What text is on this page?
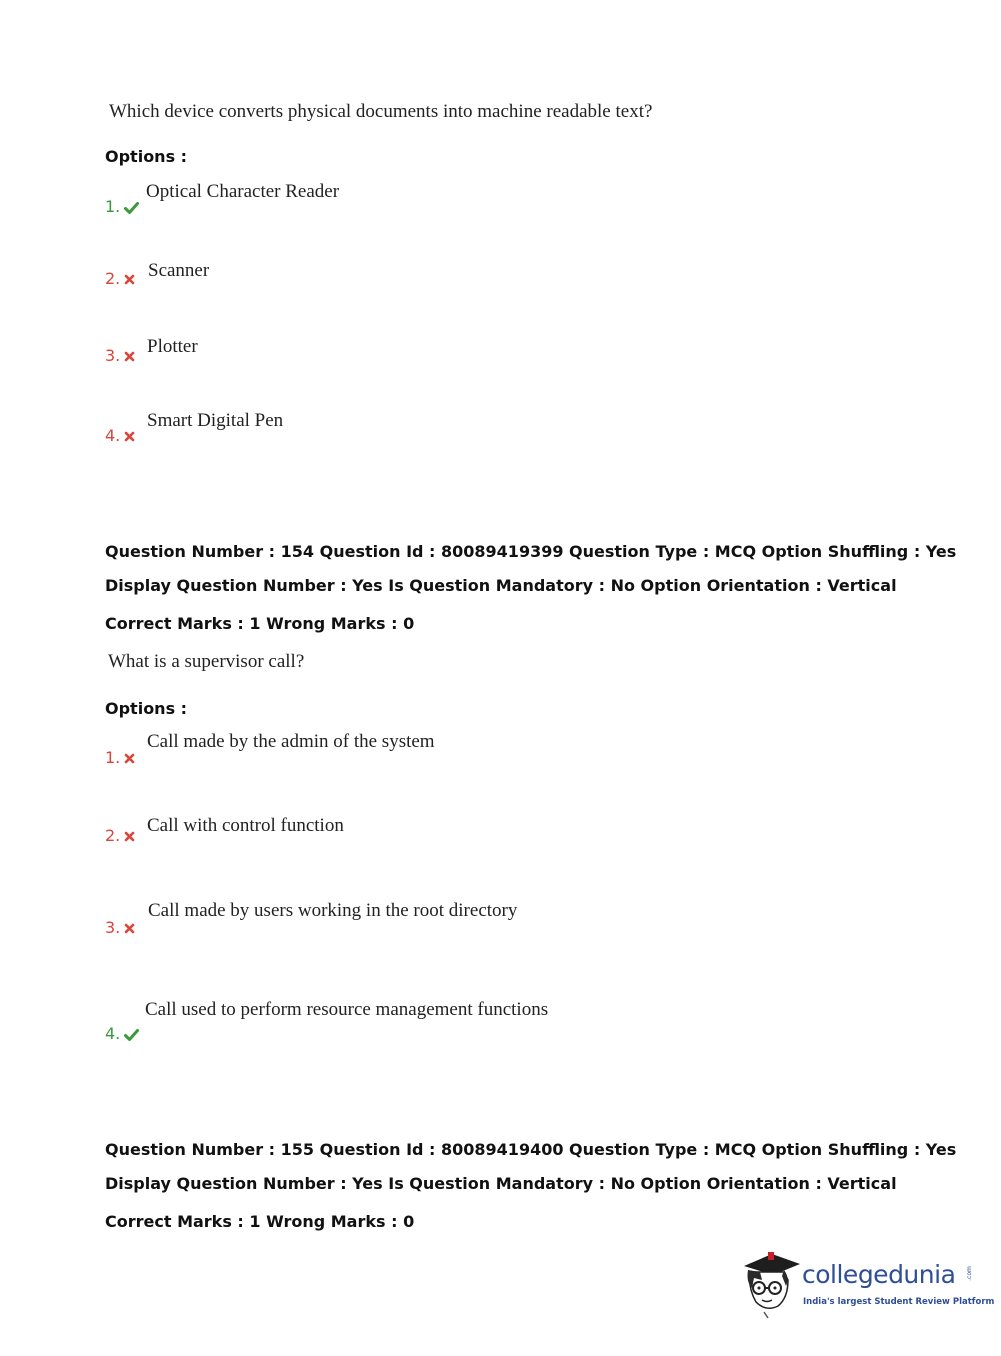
Which device converts physical documents into machine readable text?
Options :
1.
Optical Character Reader
2.	Scanner
3.	Plotter
4.
Smart Digital Pen
Question Number : 154 Question Id : 80089419399 Question Type : MCQ Option Shuffling : Yes
Display Question Number : Yes Is Question Mandatory : No Option Orientation : Vertical
Correct Marks : 1 Wrong Marks : 0
What is a supervisor call?
Options :
1.
Call made by the admin of the system
2.	Call with control function
3.
Call made by users working in the root directory
4.
Call used to perform resource management functions
Question Number : 155 Question Id : 80089419400 Question Type : MCQ Option Shuffling : Yes
Display Question Number : Yes Is Question Mandatory : No Option Orientation : Vertical
Correct Marks : 1 Wrong Marks : 0
collegedunia .com
India's largest Student Review Platform
